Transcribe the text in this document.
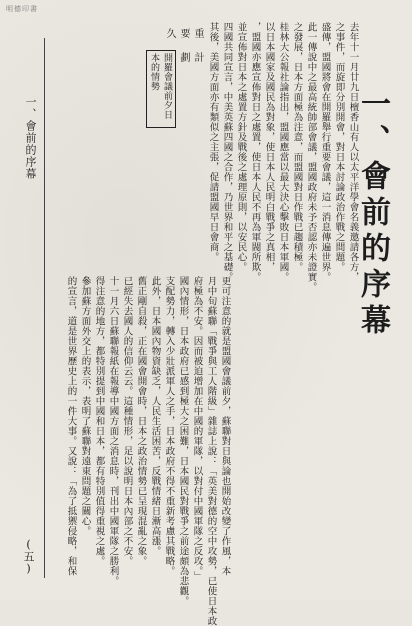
明德印書
一、會前的序幕
一、會前的序幕
(五)
開羅會議前夕日本的情勢	去年十一月廿九日檀香山有人以太平洋學會名義邀請各方，
之事件，而旋即分別開會，對日本討論政治作戰之間題。
盛傳，盟國將會在開羅舉行重要會議，這一消息傳遍世界。
此一傳說中之最高統帥部會議，盟國政府未予否認亦未證實。
之發展，日本方面極為注意，而盟國對日作戰已趨積極。
桂林大公報社論指出，盟國應當以最大決心擊敗日本軍國。
以日本國家及國民為對象，使日本人民明白戰爭之真相，
，盟國亦應宣佈對日之處置，使日本人民不再為軍閥所欺。
並宣佈對日本之處置方針及戰後之處理原則，以安民心。
四國共同宣言，中美英蘇四國之合作，乃世界和平之基礎。
其後，美國方面亦有類似之主張，促請盟國早日會商。
重
要
計
劃
久
更可注意的就是盟國會議前夕，蘇聯對日與論也開始改變了作風，本
月中旬蘇聯「戰爭與工人階級」雜誌上說：「英美對德的空中攻勢，已使日本政
府極為不安。因而被迫增加在中國的軍隊，以對付中國軍隊之反攻。」
國內情形，日本政府已感到極大之困難，日本國民對戰爭之前途頗為悲觀。
支配勢力，轉入少壯派軍人之手，日本政府不得不重新考慮其戰略。
此外，日本國內物資缺乏，人民生活困苦，反戰情緒日漸高漲。
舊正剛自殺，正在國會開會時，日本之政治情勢已呈現混亂之象。
已經失去國人的信仰云云。這種情形，足以說明日本內部之不安。
十一月六日蘇聯報紙在報導中國方面之消息時，刊出中國軍隊之勝利。
得注意的地方，都特別提到中國和日本，都有特別值得重視之處。
參加蘇方面外交上的表示，表明了蘇聯對遠東問題之關心。
的宣言，道是世界歷史上的一件大事。又說：「為了抵禦侵略，和保
